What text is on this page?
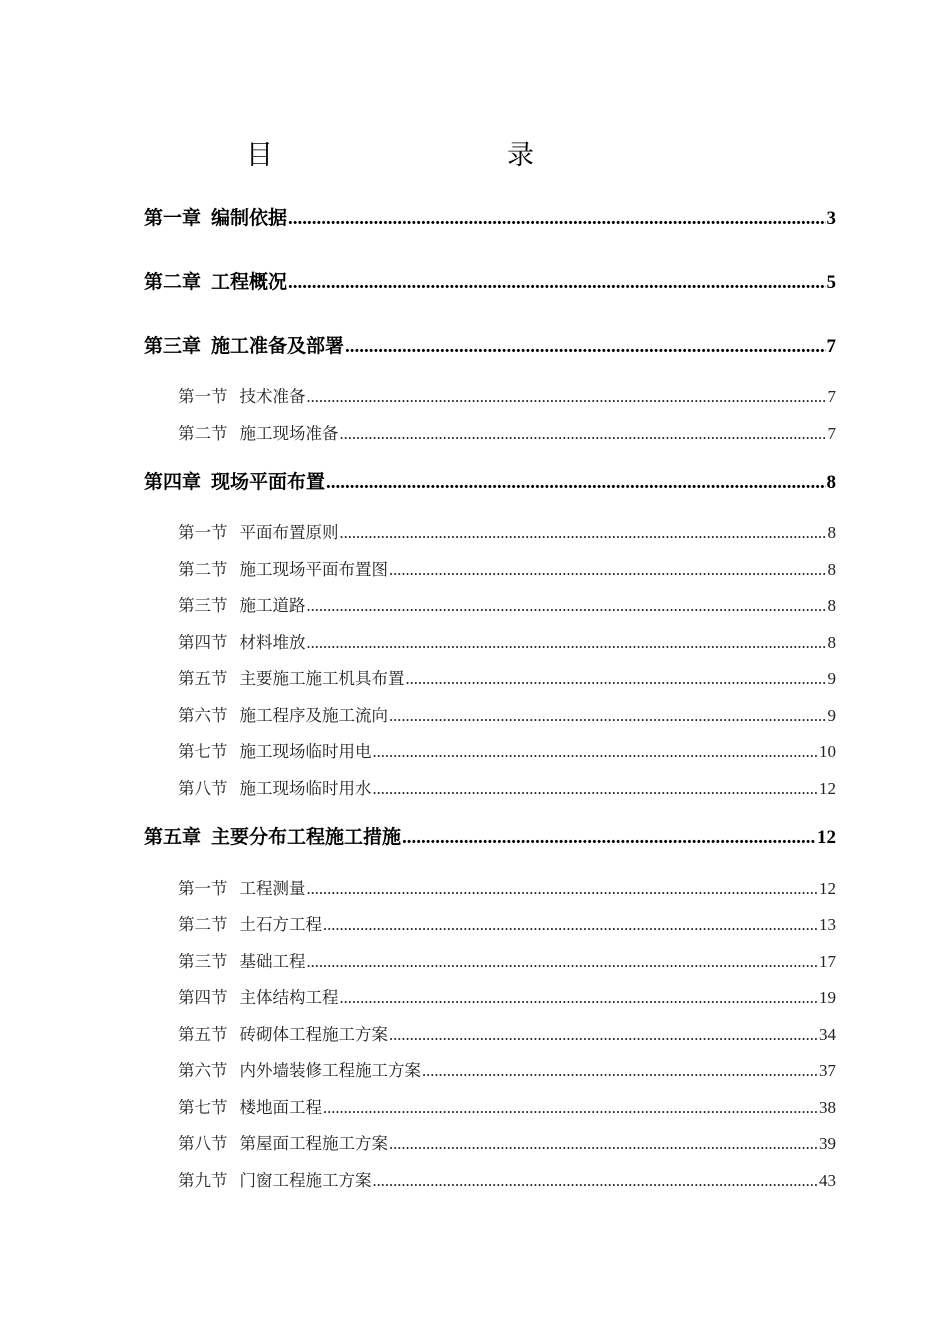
目　　录
第一章 编制依据 .....	3
第二章 工程概况 .....	5
第三章 施工准备及部署 .....	7
第一节 技术准备 .....	7
第二节 施工现场准备 .....	7
第四章 现场平面布置 .....	8
第一节 平面布置原则 .....	8
第二节 施工现场平面布置图 .....	8
第三节 施工道路 .....	8
第四节 材料堆放 .....	8
第五节 主要施工施工机具布置 .....	9
第六节 施工程序及施工流向 .....	9
第七节 施工现场临时用电 .....	10
第八节 施工现场临时用水 .....	12
第五章 主要分布工程施工措施 .....	12
第一节 工程测量 .....	12
第二节 土石方工程 .....	13
第三节 基础工程 .....	17
第四节 主体结构工程 .....	19
第五节 砖砌体工程施工方案 .....	34
第六节 内外墙装修工程施工方案 .....	37
第七节 楼地面工程 .....	38
第八节 第屋面工程施工方案 .....	39
第九节 门窗工程施工方案 .....	43
